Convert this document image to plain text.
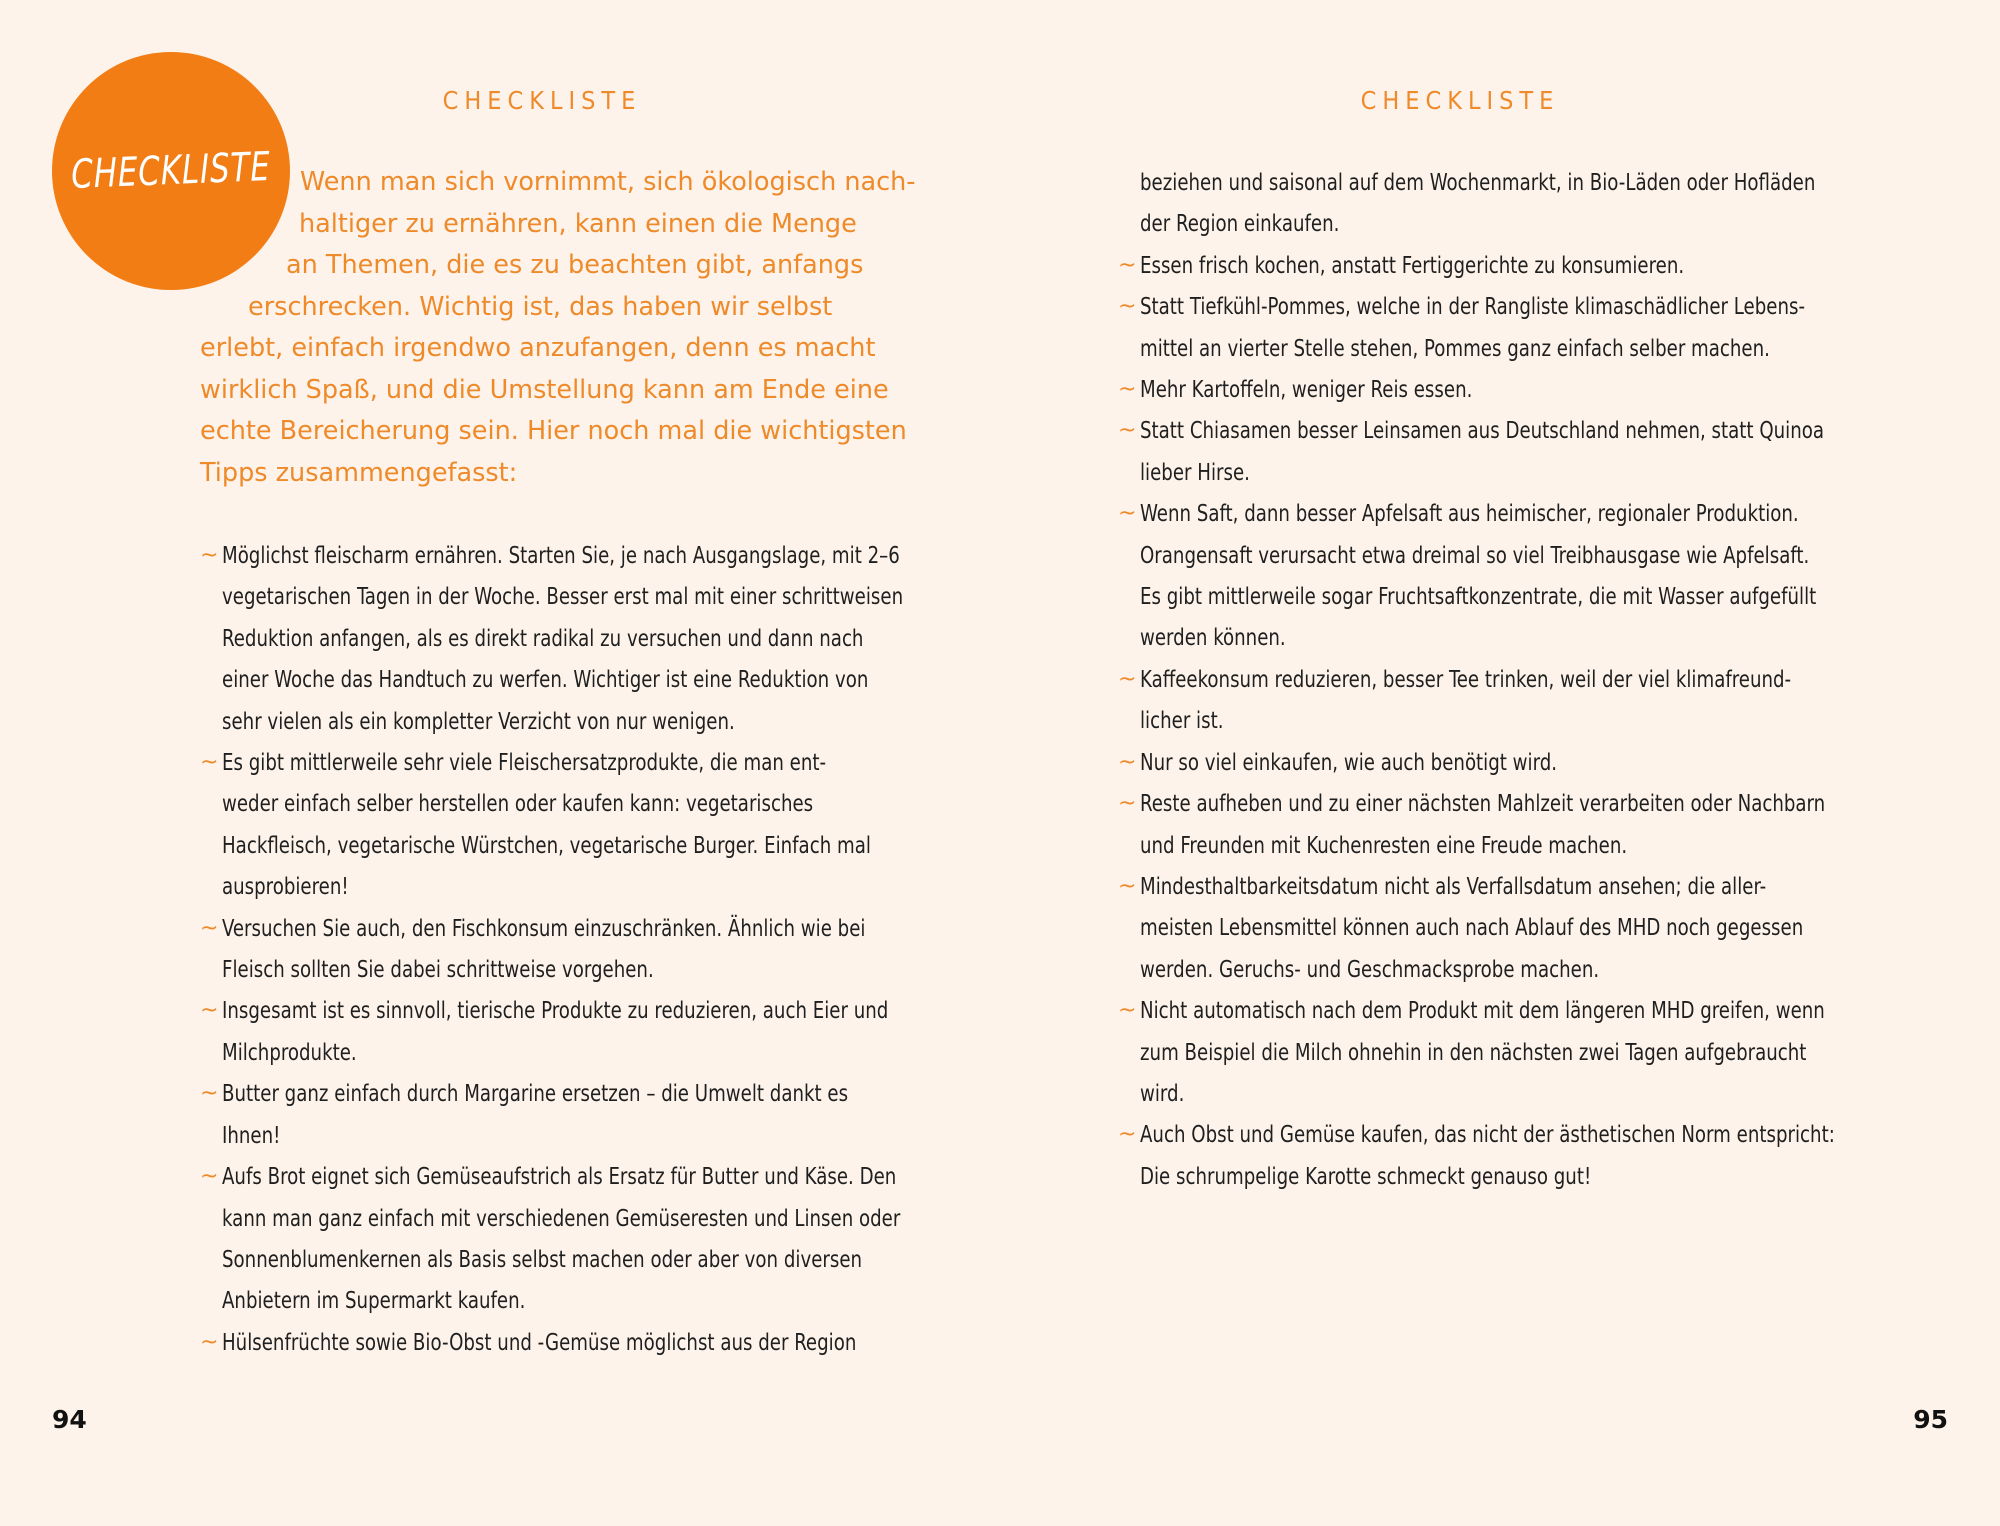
CHECKLISTE
CHECKLISTE Wenn man sich vornimmt, sich ökologisch nach-
haltiger zu ernähren, kann einen die Menge
an Themen, die es zu beachten gibt, anfangs
erschrecken. Wichtig ist, das haben wir selbst
erlebt, einfach irgendwo anzufangen, denn es macht
wirklich Spaß, und die Umstellung kann am Ende eine
echte Bereicherung sein. Hier noch mal die wichtigsten
Tipps zusammengefasst:
~ Möglichst fleischarm ernähren. Starten Sie, je nach Ausgangslage, mit 2–6
vegetarischen Tagen in der Woche. Besser erst mal mit einer schrittweisen
Reduktion anfangen, als es direkt radikal zu versuchen und dann nach
einer Woche das Handtuch zu werfen. Wichtiger ist eine Reduktion von
sehr vielen als ein kompletter Verzicht von nur wenigen.
~ Es gibt mittlerweile sehr viele Fleischersatzprodukte, die man ent-
weder einfach selber herstellen oder kaufen kann: vegetarisches
Hackfleisch, vegetarische Würstchen, vegetarische Burger. Einfach mal
ausprobieren!
~ Versuchen Sie auch, den Fischkonsum einzuschränken. Ähnlich wie bei
Fleisch sollten Sie dabei schrittweise vorgehen.
~ Insgesamt ist es sinnvoll, tierische Produkte zu reduzieren, auch Eier und
Milchprodukte.
~ Butter ganz einfach durch Margarine ersetzen – die Umwelt dankt es
Ihnen!
~ Aufs Brot eignet sich Gemüseaufstrich als Ersatz für Butter und Käse. Den
kann man ganz einfach mit verschiedenen Gemüseresten und Linsen oder
Sonnenblumenkernen als Basis selbst machen oder aber von diversen
Anbietern im Supermarkt kaufen.
~ Hülsenfrüchte sowie Bio-Obst und -Gemüse möglichst aus der Region
94
CHECKLISTE
beziehen und saisonal auf dem Wochenmarkt, in Bio-Läden oder Hofläden
der Region einkaufen.
~ Essen frisch kochen, anstatt Fertiggerichte zu konsumieren.
~ Statt Tiefkühl-Pommes, welche in der Rangliste klimaschädlicher Lebens-
mittel an vierter Stelle stehen, Pommes ganz einfach selber machen.
~ Mehr Kartoffeln, weniger Reis essen.
~ Statt Chiasamen besser Leinsamen aus Deutschland nehmen, statt Quinoa
lieber Hirse.
~ Wenn Saft, dann besser Apfelsaft aus heimischer, regionaler Produktion.
Orangensaft verursacht etwa dreimal so viel Treibhausgase wie Apfelsaft.
Es gibt mittlerweile sogar Fruchtsaftkonzentrate, die mit Wasser aufgefüllt
werden können.
~ Kaffeekonsum reduzieren, besser Tee trinken, weil der viel klimafreund-
licher ist.
~ Nur so viel einkaufen, wie auch benötigt wird.
~ Reste aufheben und zu einer nächsten Mahlzeit verarbeiten oder Nachbarn
und Freunden mit Kuchenresten eine Freude machen.
~ Mindesthaltbarkeitsdatum nicht als Verfallsdatum ansehen; die aller-
meisten Lebensmittel können auch nach Ablauf des MHD noch gegessen
werden. Geruchs- und Geschmacksprobe machen.
~ Nicht automatisch nach dem Produkt mit dem längeren MHD greifen, wenn
zum Beispiel die Milch ohnehin in den nächsten zwei Tagen aufgebraucht
wird.
~ Auch Obst und Gemüse kaufen, das nicht der ästhetischen Norm entspricht:
Die schrumpelige Karotte schmeckt genauso gut!
95
